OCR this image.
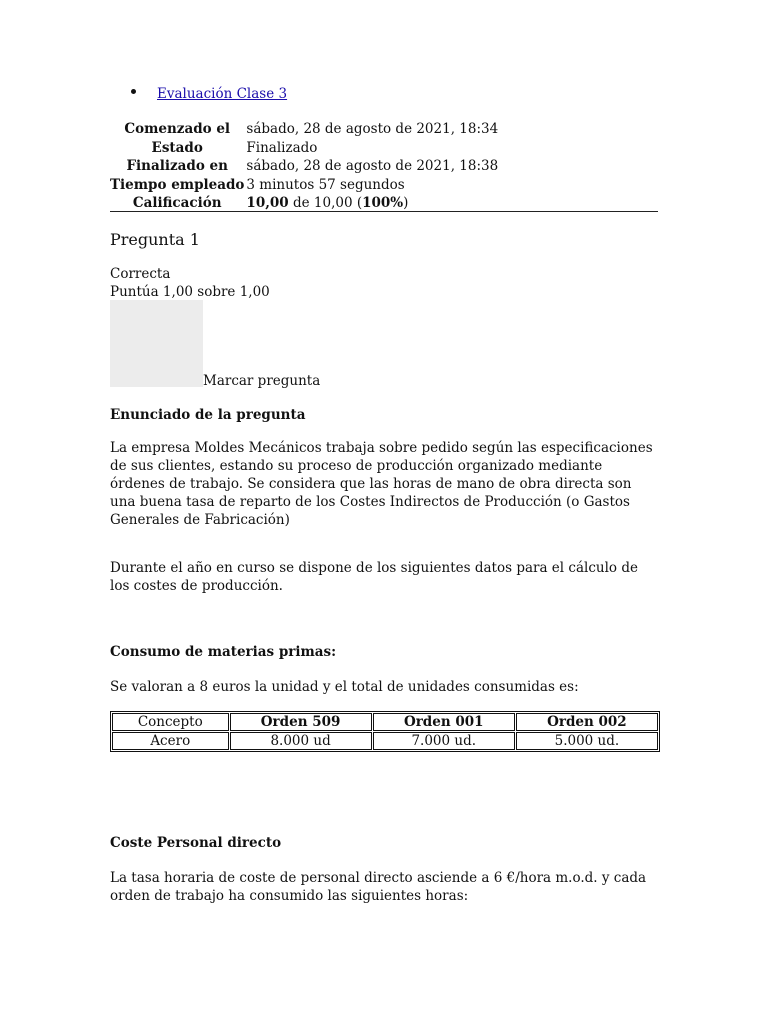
Evaluación Clase 3
Comenzado el	sábado, 28 de agosto de 2021, 18:34
Estado	Finalizado
Finalizado en	sábado, 28 de agosto de 2021, 18:38
Tiempo empleado	3 minutos 57 segundos
Calificación	10,00 de 10,00 (100%)
Pregunta 1
Correcta
Puntúa 1,00 sobre 1,00
Marcar pregunta
Enunciado de la pregunta
La empresa Moldes Mecánicos trabaja sobre pedido según las especificaciones de sus clientes, estando su proceso de producción organizado mediante órdenes de trabajo. Se considera que las horas de mano de obra directa son una buena tasa de reparto de los Costes Indirectos de Producción (o Gastos Generales de Fabricación)
Durante el año en curso se dispone de los siguientes datos para el cálculo de los costes de producción.
Consumo de materias primas:
Se valoran a 8 euros la unidad y el total de unidades consumidas es:
Concepto	Orden 509	Orden 001	Orden 002
Acero	8.000 ud	7.000 ud.	5.000 ud.
Coste Personal directo
La tasa horaria de coste de personal directo asciende a 6 €/hora m.o.d. y cada orden de trabajo ha consumido las siguientes horas:
